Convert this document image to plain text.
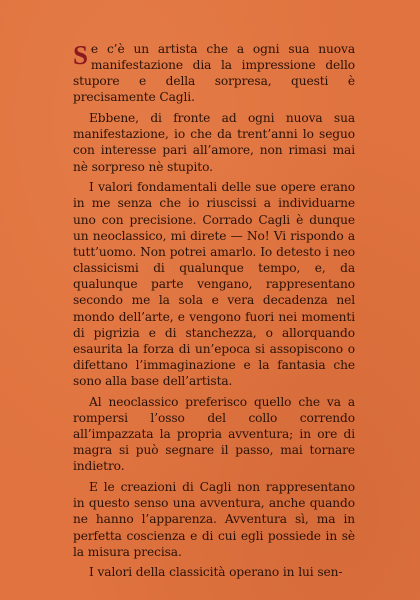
Se c’è un artista che a ogni sua nuova manifestazione dia la impressione dello stupore e della sorpresa, questi è precisamente Cagli.

Ebbene, di fronte ad ogni nuova sua manifestazione, io che da trent’anni lo seguo con interesse pari all’amore, non rimasi mai nè sorpreso nè stupito.

I valori fondamentali delle sue opere erano in me senza che io riuscissi a individuarne uno con precisione. Corrado Cagli è dunque un neoclassico, mi direte — No! Vi rispondo a tutt’uomo. Non potrei amarlo. Io detesto i neo classicismi di qualunque tempo, e, da qualunque parte vengano, rappresentano secondo me la sola e vera decadenza nel mondo dell’arte, e vengono fuori nei momenti di pigrizia e di stanchezza, o allorquando esaurita la forza di un’epoca si assopiscono o difettano l’immaginazione e la fantasia che sono alla base dell’artista.

Al neoclassico preferisco quello che va a rompersi l’osso del collo correndo all’impazzata la propria avventura; in ore di magra si può segnare il passo, mai tornare indietro.

E le creazioni di Cagli non rappresentano in questo senso una avventura, anche quando ne hanno l’apparenza. Avventura sì, ma in perfetta coscienza e di cui egli possiede in sè la misura precisa.

I valori della classicità operano in lui sen-
